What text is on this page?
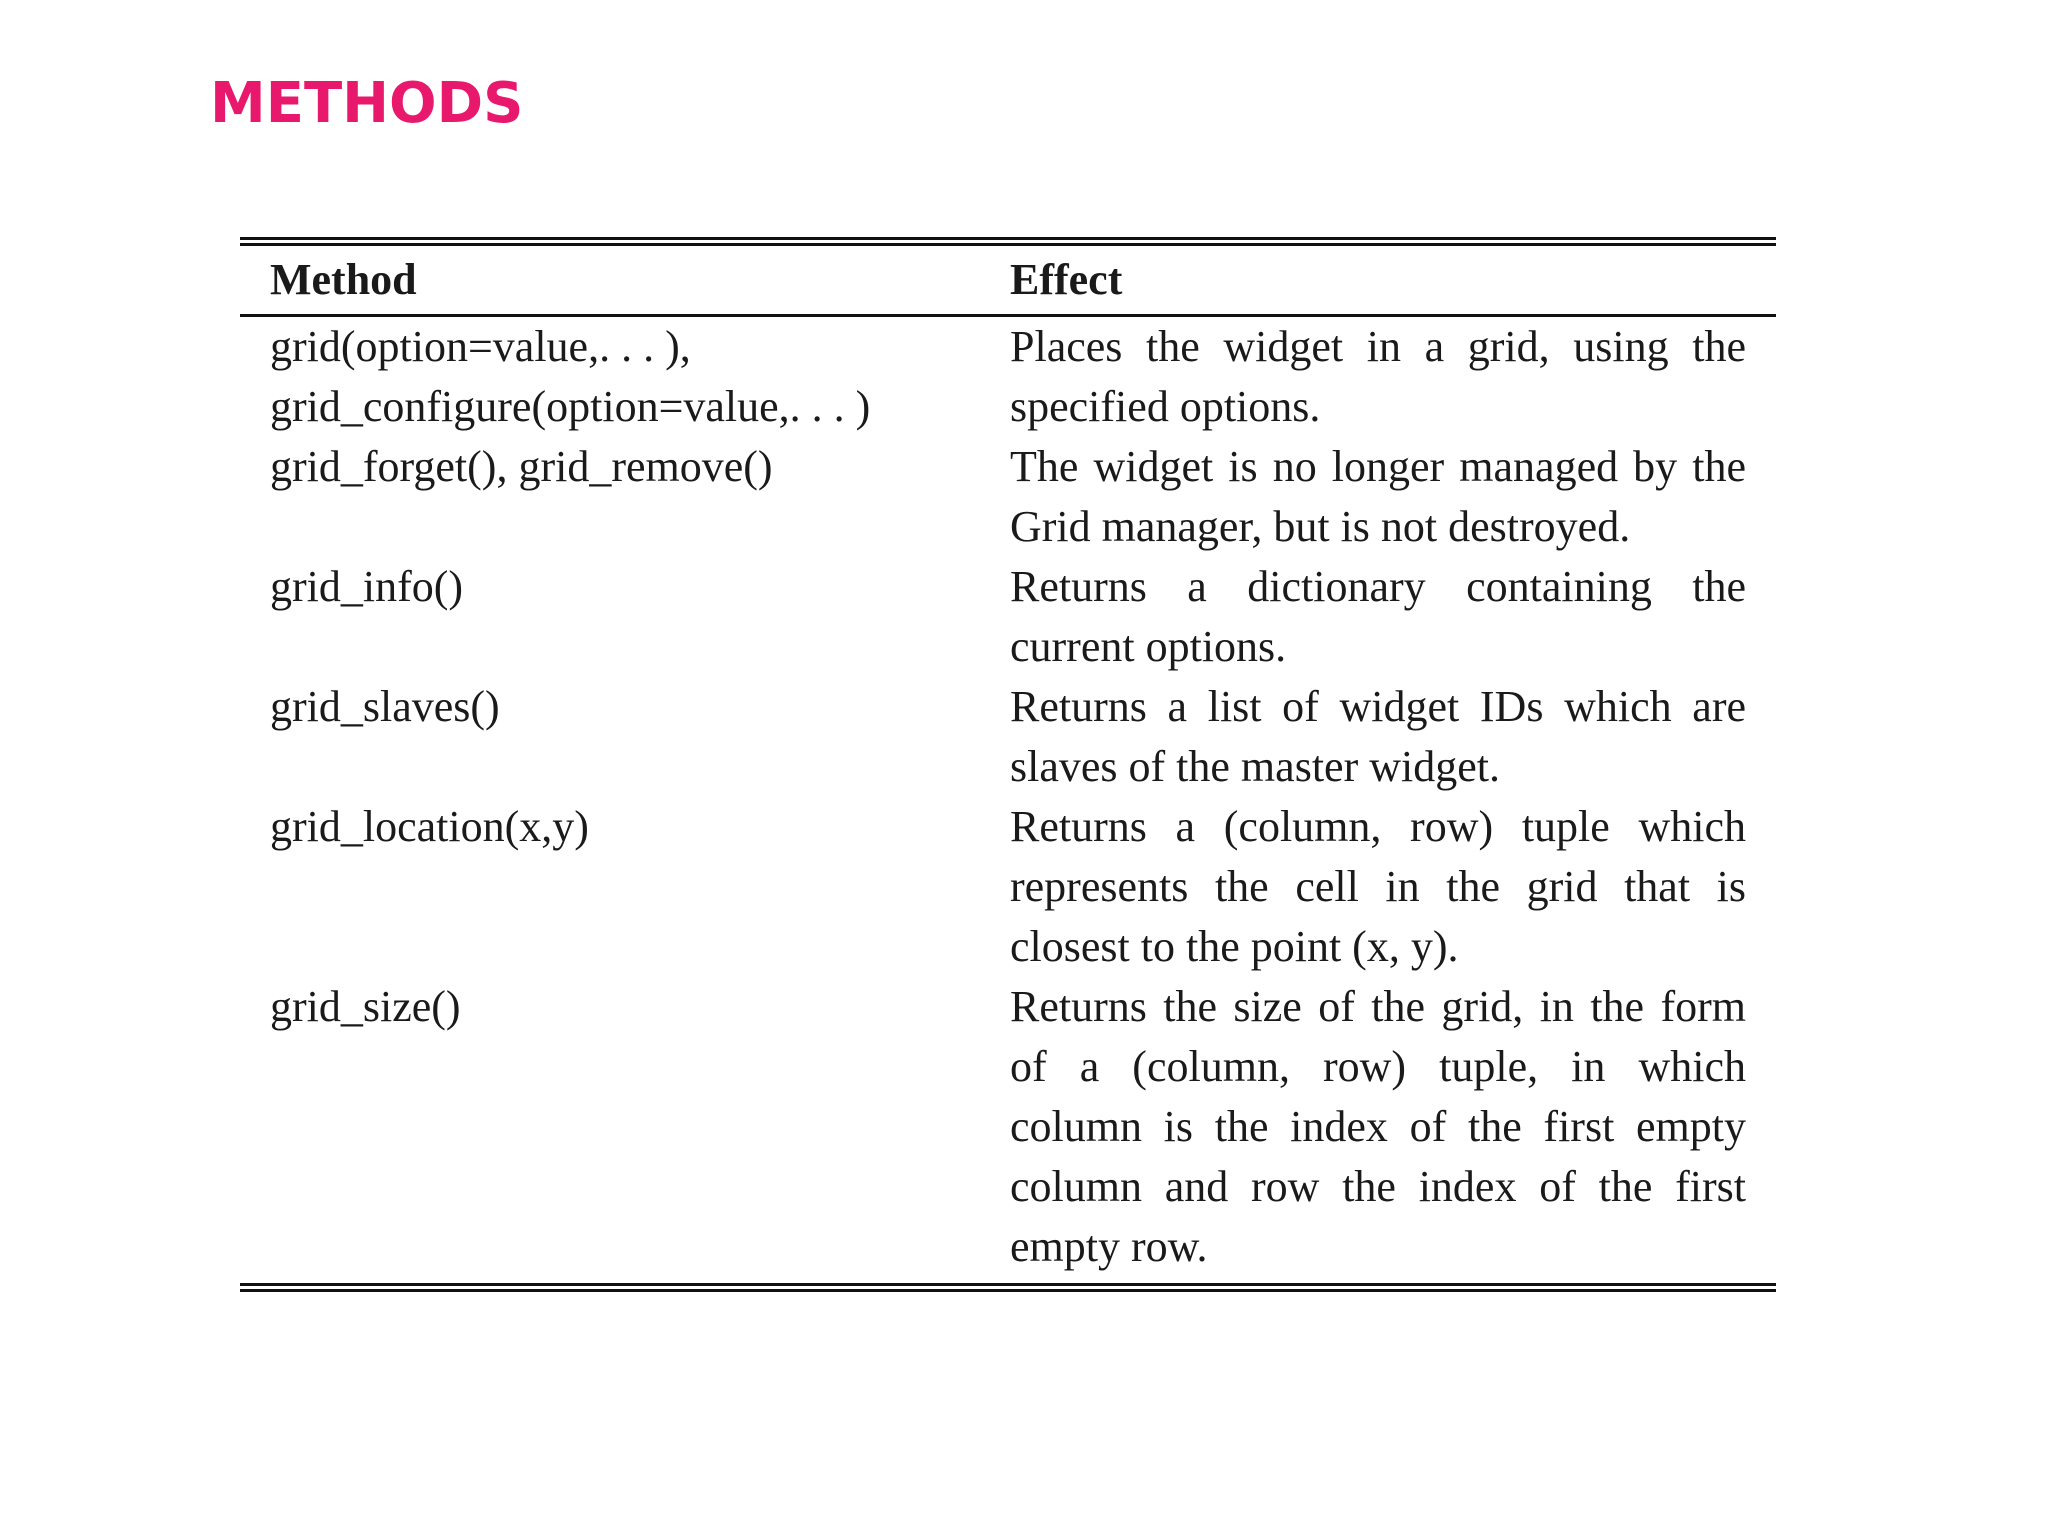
METHODS
Method	Effect

grid(option=value,. . . ),
grid_configure(option=value,. . . )	Places the widget in a grid, using the specified options.

grid_forget(), grid_remove()	The widget is no longer managed by the Grid manager, but is not destroyed.

grid_info()	Returns a dictionary containing the current options.

grid_slaves()	Returns a list of widget IDs which are slaves of the master widget.

grid_location(x,y)	Returns a (column, row) tuple which represents the cell in the grid that is closest to the point (x, y).

grid_size()	Returns the size of the grid, in the form of a (column, row) tuple, in which column is the index of the first empty column and row the index of the first empty row.
